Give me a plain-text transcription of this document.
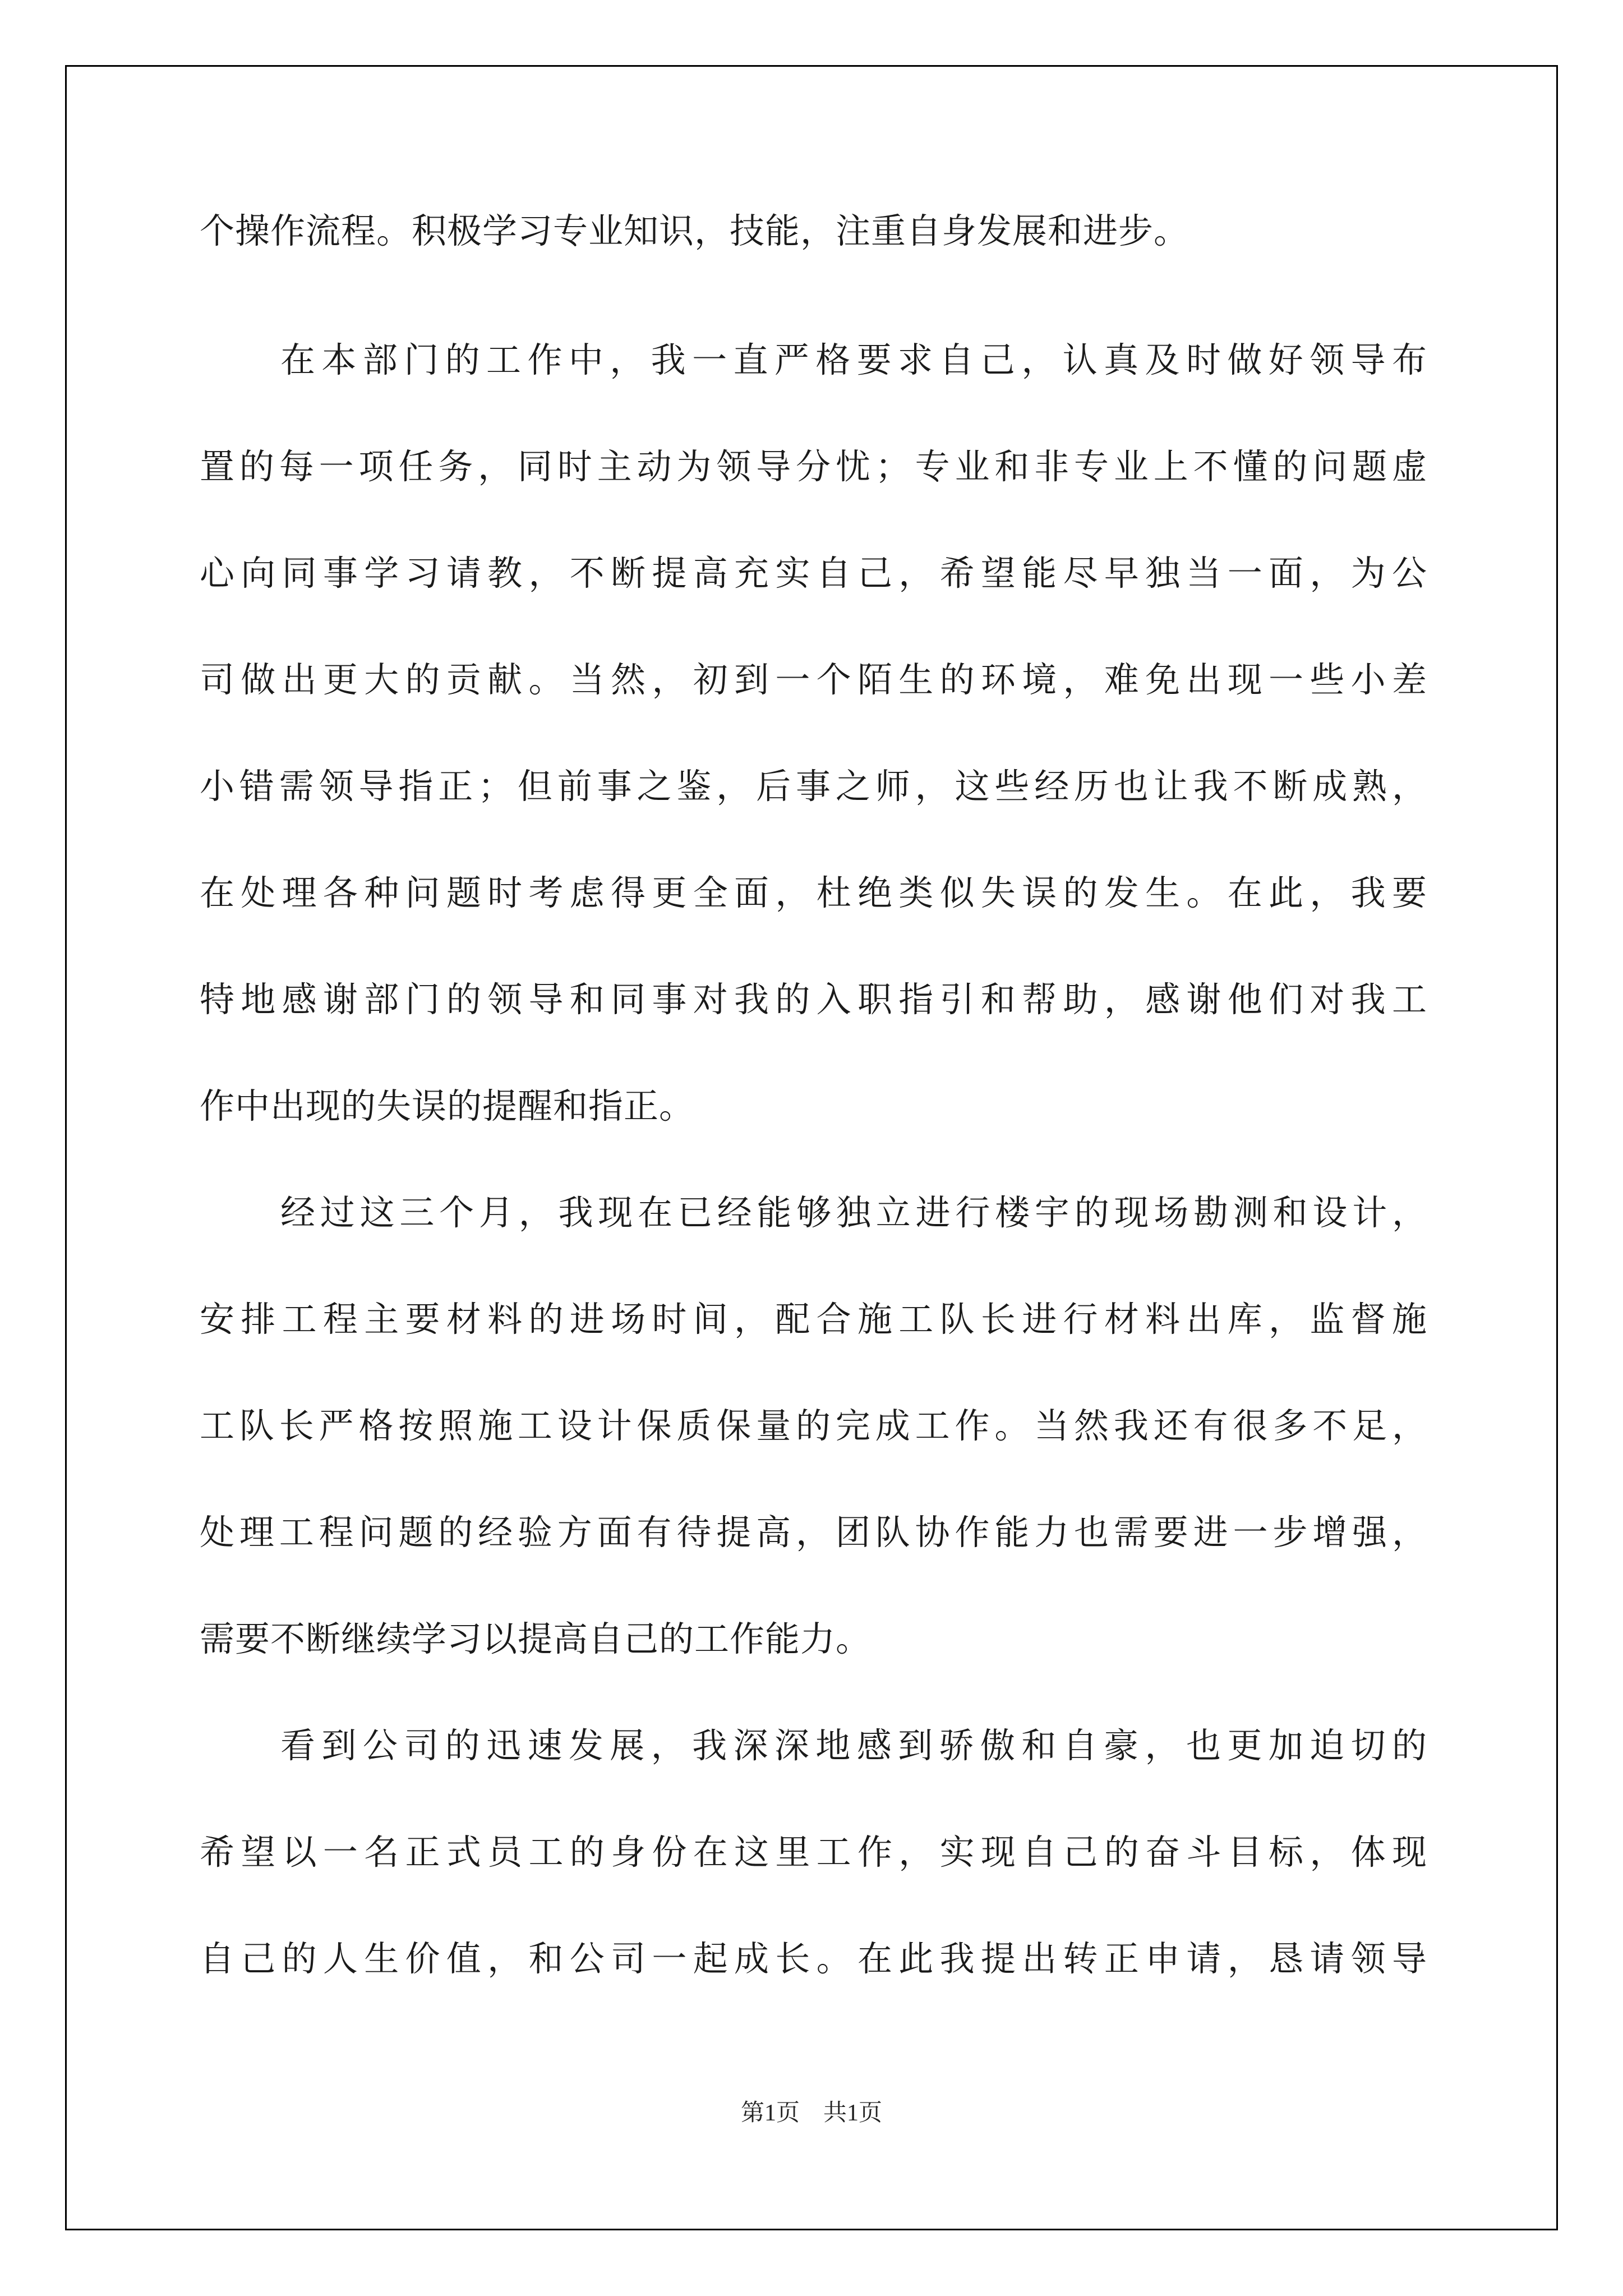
个操作流程。积极学习专业知识，技能，注重自身发展和进步。
在本部门的工作中，我一直严格要求自己，认真及时做好领导布
置的每一项任务，同时主动为领导分忧；专业和非专业上不懂的问题虚
心向同事学习请教，不断提高充实自己，希望能尽早独当一面，为公
司做出更大的贡献。当然，初到一个陌生的环境，难免出现一些小差
小错需领导指正；但前事之鉴，后事之师，这些经历也让我不断成熟，
在处理各种问题时考虑得更全面，杜绝类似失误的发生。在此，我要
特地感谢部门的领导和同事对我的入职指引和帮助，感谢他们对我工
作中出现的失误的提醒和指正。
经过这三个月，我现在已经能够独立进行楼宇的现场勘测和设计，
安排工程主要材料的进场时间，配合施工队长进行材料出库，监督施
工队长严格按照施工设计保质保量的完成工作。当然我还有很多不足，
处理工程问题的经验方面有待提高，团队协作能力也需要进一步增强，
需要不断继续学习以提高自己的工作能力。
看到公司的迅速发展，我深深地感到骄傲和自豪，也更加迫切的
希望以一名正式员工的身份在这里工作，实现自己的奋斗目标，体现
自己的人生价值，和公司一起成长。在此我提出转正申请，恳请领导
第1页　共1页
